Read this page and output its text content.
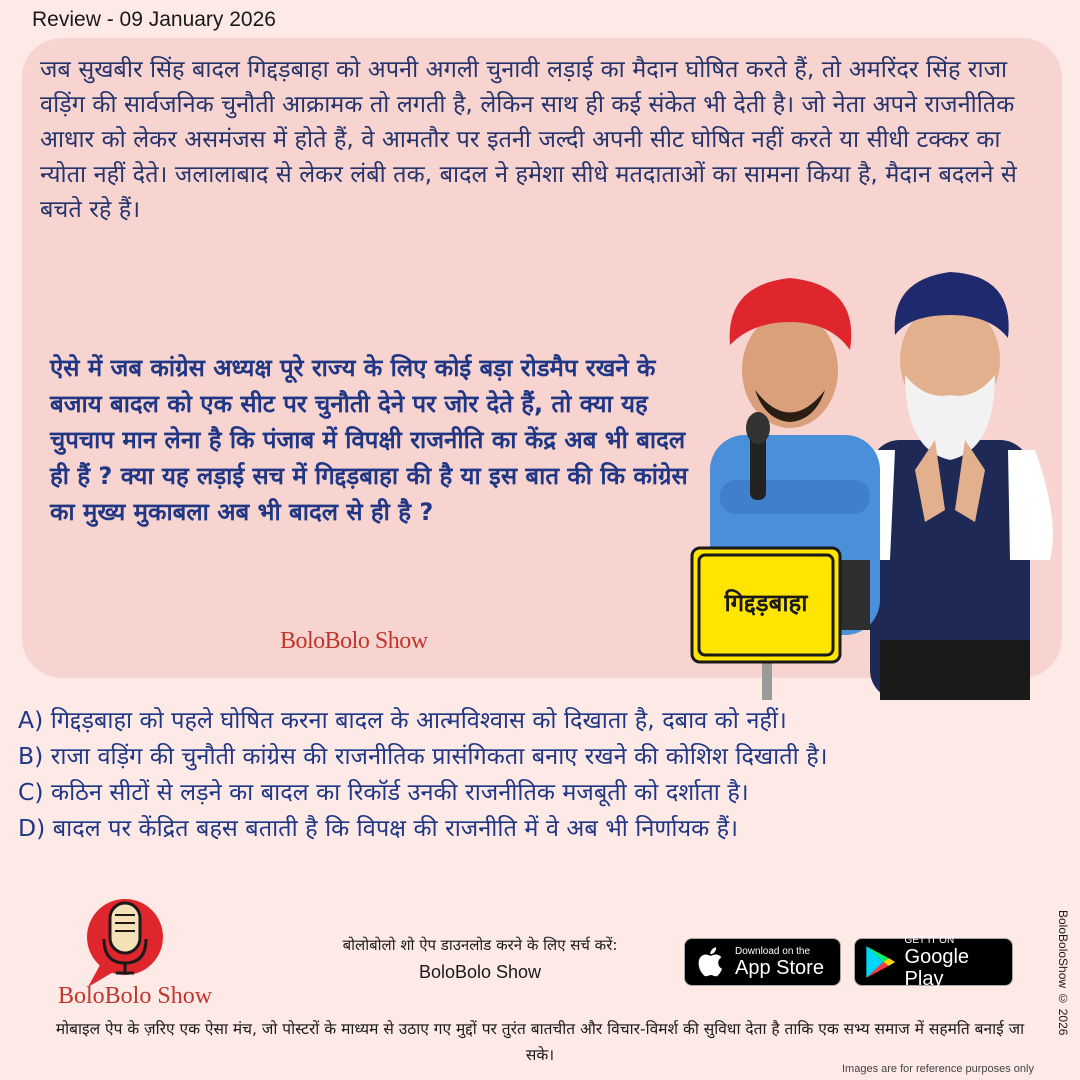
Review - 09 January 2026

जब सुखबीर सिंह बादल गिद्दड़बाहा को अपनी अगली चुनावी लड़ाई का मैदान घोषित करते हैं, तो अमरिंदर सिंह राजा वड़िंग की सार्वजनिक चुनौती आक्रामक तो लगती है, लेकिन साथ ही कई संकेत भी देती है। जो नेता अपने राजनीतिक आधार को लेकर असमंजस में होते हैं, वे आमतौर पर इतनी जल्दी अपनी सीट घोषित नहीं करते या सीधी टक्कर का न्योता नहीं देते। जलालाबाद से लेकर लंबी तक, बादल ने हमेशा सीधे मतदाताओं का सामना किया है, मैदान बदलने से बचते रहे हैं।

ऐसे में जब कांग्रेस अध्यक्ष पूरे राज्य के लिए कोई बड़ा रोडमैप रखने के बजाय बादल को एक सीट पर चुनौती देने पर जोर देते हैं, तो क्या यह चुपचाप मान लेना है कि पंजाब में विपक्षी राजनीति का केंद्र अब भी बादल ही हैं ? क्या यह लड़ाई सच में गिद्दड़बाहा की है या इस बात की कि कांग्रेस का मुख्य मुकाबला अब भी बादल से ही है ?

BoloBolo Show
गिद्दड़बाहा
A) गिद्दड़बाहा को पहले घोषित करना बादल के आत्मविश्वास को दिखाता है, दबाव को नहीं।
B) राजा वड़िंग की चुनौती कांग्रेस की राजनीतिक प्रासंगिकता बनाए रखने की कोशिश दिखाती है।
C) कठिन सीटों से लड़ने का बादल का रिकॉर्ड उनकी राजनीतिक मजबूती को दर्शाता है।
D) बादल पर केंद्रित बहस बताती है कि विपक्ष की राजनीति में वे अब भी निर्णायक हैं।
BoloBolo Show
बोलोबोलो शो ऐप डाउनलोड करने के लिए सर्च करें:
BoloBolo Show
Download on the
App Store
GET IT ON
Google Play
मोबाइल ऐप के ज़रिए एक ऐसा मंच, जो पोस्टरों के माध्यम से उठाए गए मुद्दों पर तुरंत बातचीत और विचार-विमर्श की सुविधा देता है ताकि एक सभ्य समाज में सहमति बनाई जा सके।
BoloBoloShow © 2026
Images are for reference purposes only
